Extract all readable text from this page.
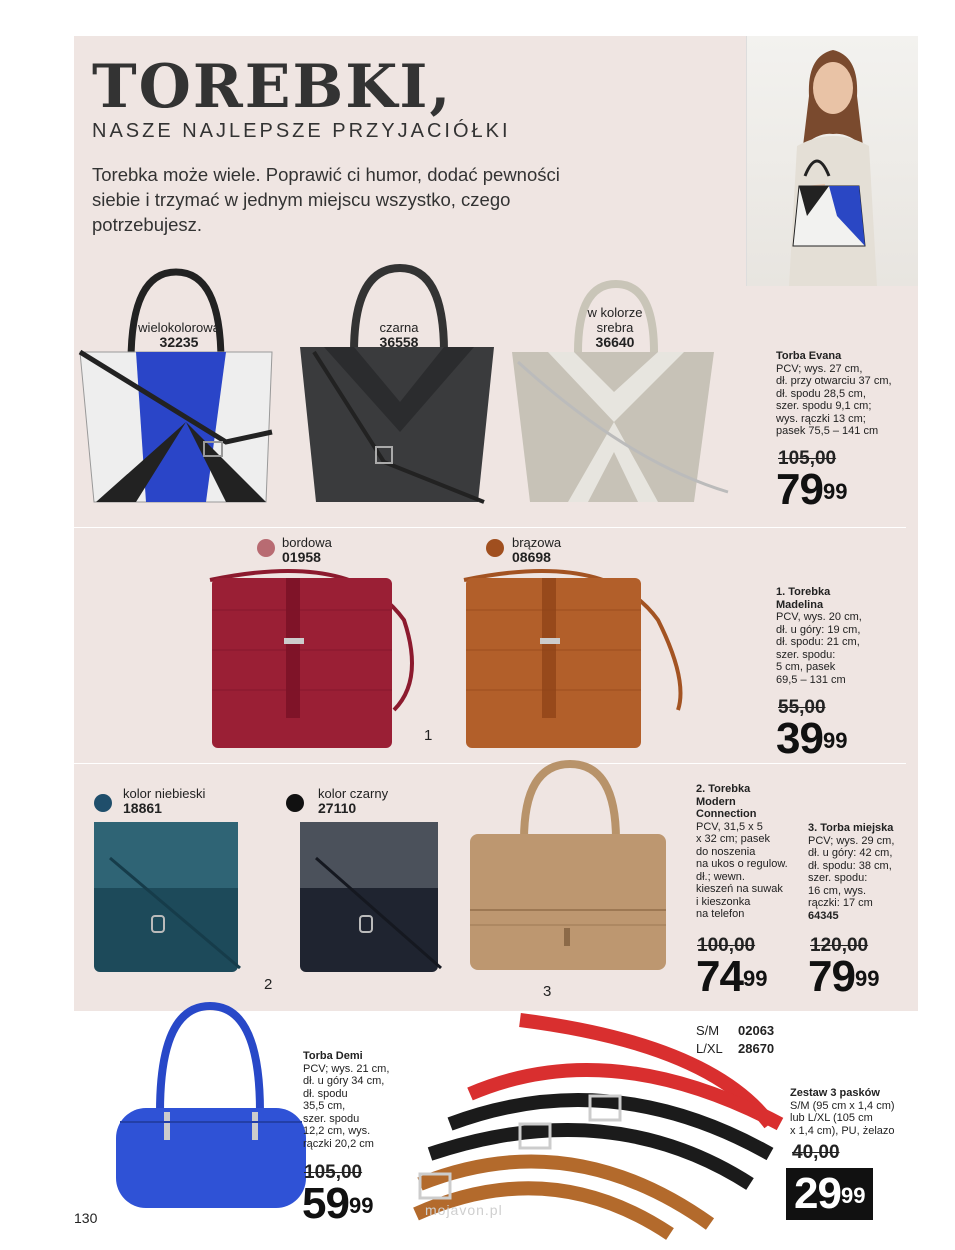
TOREBKI,
NASZE NAJLEPSZE PRZYJACIÓŁKI
Torebka może wiele. Poprawić ci humor, dodać pewności siebie i trzymać w jednym miejscu wszystko, czego potrzebujesz.
wielokolorowa
32235
czarna
36558
w kolorze srebra
36640
Torba Evana
PCV; wys. 27 cm,
dł. przy otwarciu 37 cm,
dł. spodu 28,5 cm,
szer. spodu 9,1 cm;
wys. rączki 13 cm;
pasek 75,5 – 141 cm
105,00
$79^{99}$
bordowa
01958
brązowa
08698
1
1. Torebka
Madelina
PCV, wys. 20 cm,
dł. u góry: 19 cm,
dł. spodu: 21 cm,
szer. spodu:
5 cm, pasek
69,5 – 131 cm
55,00
$39^{99}$
kolor niebieski
18861
kolor czarny
27110
2	3
2. Torebka
Modern
Connection
PCV, 31,5 x 5
x 32 cm; pasek
do noszenia
na ukos o regulow.
dł.; wewn.
kieszeń na suwak
i kieszonka
na telefon
100,00
$74^{99}$
3. Torba miejska
PCV; wys. 29 cm,
dł. u góry: 42 cm,
dł. spodu: 38 cm,
szer. spodu:
16 cm, wys.
rączki: 17 cm
64345
120,00
$79^{99}$
Torba Demi
PCV; wys. 21 cm,
dł. u góry 34 cm,
dł. spodu
35,5 cm,
szer. spodu
12,2 cm, wys.
rączki 20,2 cm
105,00
$59^{99}$
S/M 02063
L/XL 28670
Zestaw 3 pasków
S/M (95 cm x 1,4 cm)
lub L/XL (105 cm
x 1,4 cm), PU, żelazo
40,00
$29^{99}$
130	mojavon.pl
